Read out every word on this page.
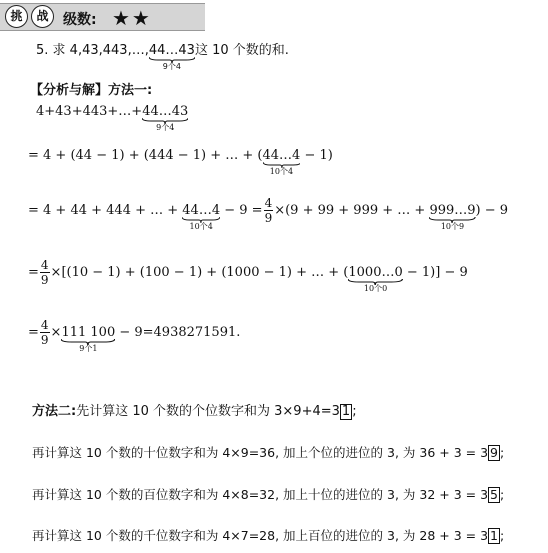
挑	战	级数: ★★
5. 求 4,43,443,…,44…43
9个4
这 10 个数的和.
【分析与解】方法一:
4+43+443+…+44…43
9个4
= 4 + (44 − 1) + (444 − 1) + … + (44…4
10个4
− 1)
= 4 + 44 + 444 + … + 44…4
10个4
− $9 = \frac{4}{9} \times(9 + 99 + 999$ + … + 999…9
10个9
) − 9
= $\frac{4}{9} \times[(10 - 1) + (100 - 1) + (1000 - 1)$ + … + (1000…0
10个0
− 1)] − 9
= $\frac{4}{9} \times 111$ 100
9个1
− 9=4938271591.
方法二:先计算这 10 个数的个位数字和为 3×9+4=3 1 ;
再计算这 10 个数的十位数字和为 4×9=36, 加上个位的进位的 3, 为 36 + 3 = 3 9 ;
再计算这 10 个数的百位数字和为 4×8=32, 加上十位的进位的 3, 为 32 + 3 = 3 5 ;
再计算这 10 个数的千位数字和为 4×7=28, 加上百位的进位的 3, 为 28 + 3 = 3 1 ;
